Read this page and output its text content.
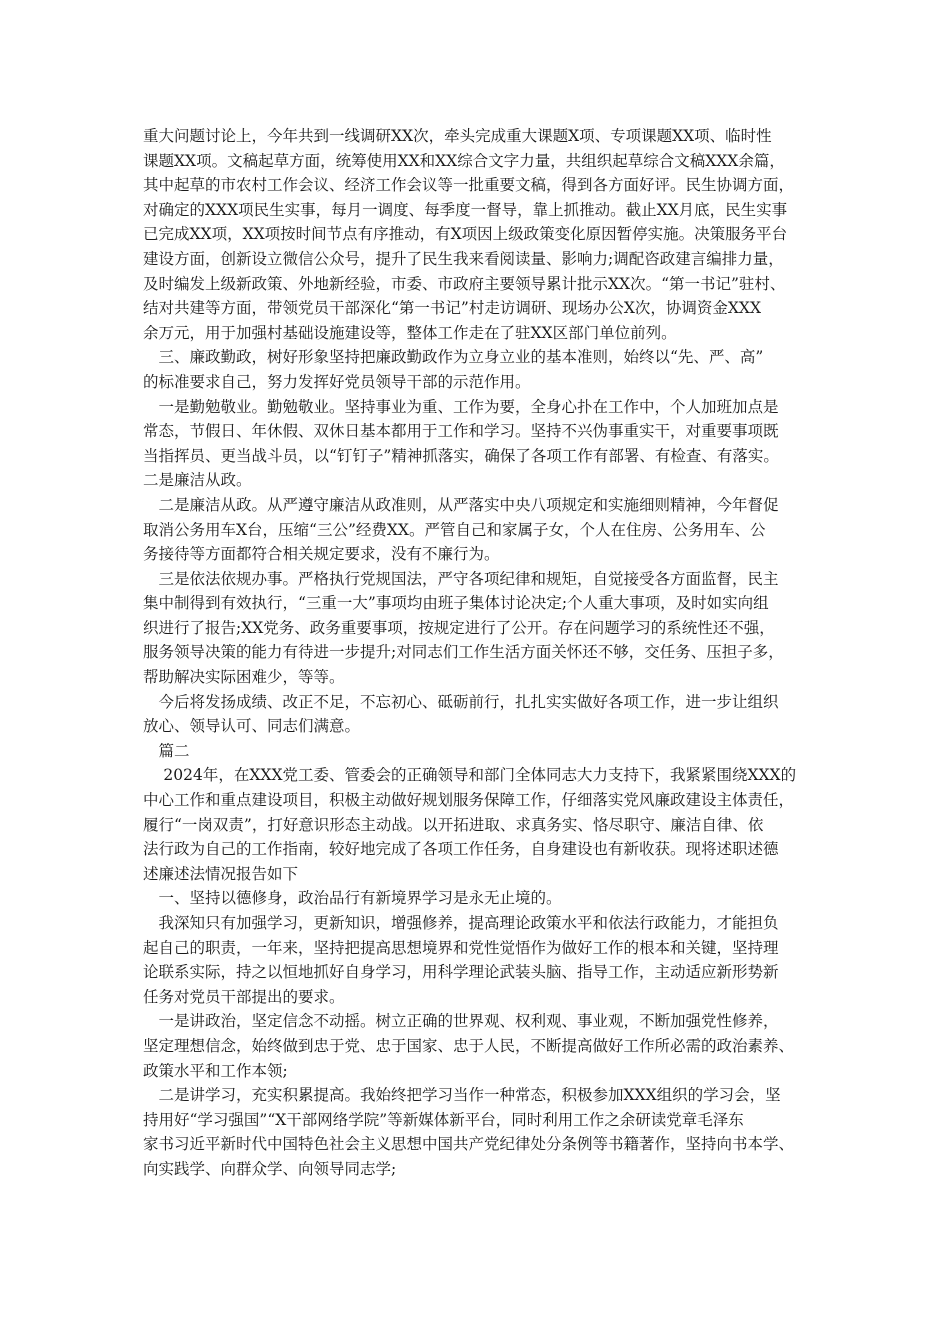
重大问题讨论上，今年共到一线调研XX次，牵头完成重大课题X项、专项课题XX项、临时性
课题XX项。文稿起草方面，统筹使用XX和XX综合文字力量，共组织起草综合文稿XXX余篇，
其中起草的市农村工作会议、经济工作会议等一批重要文稿，得到各方面好评。民生协调方面，
对确定的XXX项民生实事，每月一调度、每季度一督导，靠上抓推动。截止XX月底，民生实事
已完成XX项，XX项按时间节点有序推动，有X项因上级政策变化原因暂停实施。决策服务平台
建设方面，创新设立微信公众号，提升了民生我来看阅读量、影响力;调配咨政建言编排力量，
及时编发上级新政策、外地新经验，市委、市政府主要领导累计批示XX次。“第一书记”驻村、
结对共建等方面，带领党员干部深化“第一书记”村走访调研、现场办公X次，协调资金XXX
余万元，用于加强村基础设施建设等，整体工作走在了驻XX区部门单位前列。
　三、廉政勤政，树好形象坚持把廉政勤政作为立身立业的基本准则，始终以“先、严、高”
的标准要求自己，努力发挥好党员领导干部的示范作用。
　一是勤勉敬业。勤勉敬业。坚持事业为重、工作为要，全身心扑在工作中，个人加班加点是
常态，节假日、年休假、双休日基本都用于工作和学习。坚持不兴伪事重实干，对重要事项既
当指挥员、更当战斗员，以“钉钉子”精神抓落实，确保了各项工作有部署、有检查、有落实。
二是廉洁从政。
　二是廉洁从政。从严遵守廉洁从政准则，从严落实中央八项规定和实施细则精神，今年督促
取消公务用车X台，压缩“三公”经费XX。严管自己和家属子女，个人在住房、公务用车、公
务接待等方面都符合相关规定要求，没有不廉行为。
　三是依法依规办事。严格执行党规国法，严守各项纪律和规矩，自觉接受各方面监督，民主
集中制得到有效执行，“三重一大”事项均由班子集体讨论决定;个人重大事项，及时如实向组
织进行了报告;XX党务、政务重要事项，按规定进行了公开。存在问题学习的系统性还不强，
服务领导决策的能力有待进一步提升;对同志们工作生活方面关怀还不够，交任务、压担子多，
帮助解决实际困难少，等等。
　今后将发扬成绩、改正不足，不忘初心、砥砺前行，扎扎实实做好各项工作，进一步让组织
放心、领导认可、同志们满意。
　篇二
　 2024年，在XXX党工委、管委会的正确领导和部门全体同志大力支持下，我紧紧围绕XXX的
中心工作和重点建设项目，积极主动做好规划服务保障工作，仔细落实党风廉政建设主体责任，
履行“一岗双责”，打好意识形态主动战。以开拓进取、求真务实、恪尽职守、廉洁自律、依
法行政为自己的工作指南，较好地完成了各项工作任务，自身建设也有新收获。现将述职述德
述廉述法情况报告如下
　一、坚持以德修身，政治品行有新境界学习是永无止境的。
　我深知只有加强学习，更新知识，增强修养，提高理论政策水平和依法行政能力，才能担负
起自己的职责，一年来，坚持把提高思想境界和党性觉悟作为做好工作的根本和关键，坚持理
论联系实际，持之以恒地抓好自身学习，用科学理论武装头脑、指导工作，主动适应新形势新
任务对党员干部提出的要求。
　一是讲政治，坚定信念不动摇。树立正确的世界观、权利观、事业观，不断加强党性修养，
坚定理想信念，始终做到忠于党、忠于国家、忠于人民，不断提高做好工作所必需的政治素养、
政策水平和工作本领;
　二是讲学习，充实积累提高。我始终把学习当作一种常态，积极参加XXX组织的学习会，坚
持用好“学习强国”“X干部网络学院”等新媒体新平台，同时利用工作之余研读党章毛泽东
家书习近平新时代中国特色社会主义思想中国共产党纪律处分条例等书籍著作，坚持向书本学、
向实践学、向群众学、向领导同志学;
